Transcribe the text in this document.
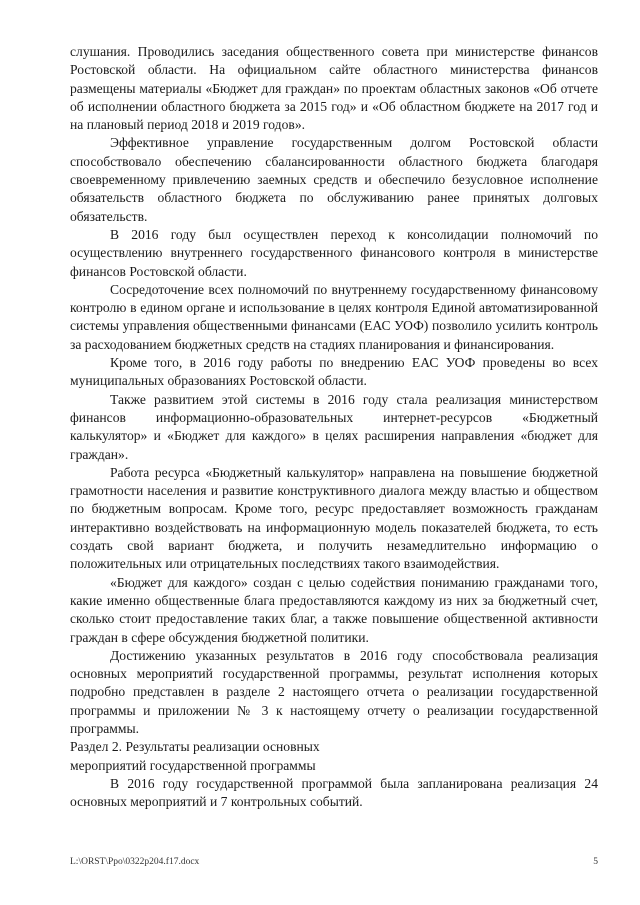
слушания. Проводились заседания общественного совета при министерстве финансов Ростовской области. На официальном сайте областного министерства финансов размещены материалы «Бюджет для граждан» по проектам областных законов «Об отчете об исполнении областного бюджета за 2015 год» и «Об областном бюджете на 2017 год и на плановый период 2018 и 2019 годов».

Эффективное управление государственным долгом Ростовской области способствовало обеспечению сбалансированности областного бюджета благодаря своевременному привлечению заемных средств и обеспечило безусловное исполнение обязательств областного бюджета по обслуживанию ранее принятых долговых обязательств.

В 2016 году был осуществлен переход к консолидации полномочий по осуществлению внутреннего государственного финансового контроля в министерстве финансов Ростовской области.

Сосредоточение всех полномочий по внутреннему государственному финансовому контролю в едином органе и использование в целях контроля Единой автоматизированной системы управления общественными финансами (ЕАС УОФ) позволило усилить контроль за расходованием бюджетных средств на стадиях планирования и финансирования.

Кроме того, в 2016 году работы по внедрению ЕАС УОФ проведены во всех муниципальных образованиях Ростовской области.

Также развитием этой системы в 2016 году стала реализация министерством финансов информационно-образовательных интернет-ресурсов «Бюджетный калькулятор» и «Бюджет для каждого» в целях расширения направления «бюджет для граждан».

Работа ресурса «Бюджетный калькулятор» направлена на повышение бюджетной грамотности населения и развитие конструктивного диалога между властью и обществом по бюджетным вопросам. Кроме того, ресурс предоставляет возможность гражданам интерактивно воздействовать на информационную модель показателей бюджета, то есть создать свой вариант бюджета, и получить незамедлительно информацию о положительных или отрицательных последствиях такого взаимодействия.

«Бюджет для каждого» создан с целью содействия пониманию гражданами того, какие именно общественные блага предоставляются каждому из них за бюджетный счет, сколько стоит предоставление таких благ, а также повышение общественной активности граждан в сфере обсуждения бюджетной политики.

Достижению указанных результатов в 2016 году способствовала реализация основных мероприятий государственной программы, результат исполнения которых подробно представлен в разделе 2 настоящего отчета о реализации государственной программы и приложении № 3 к настоящему отчету о реализации государственной программы.

Раздел 2. Результаты реализации основных
мероприятий государственной программы

В 2016 году государственной программой была запланирована реализация 24 основных мероприятий и 7 контрольных событий.

L:\ORST\Ppo\0322p204.f17.docx	5
